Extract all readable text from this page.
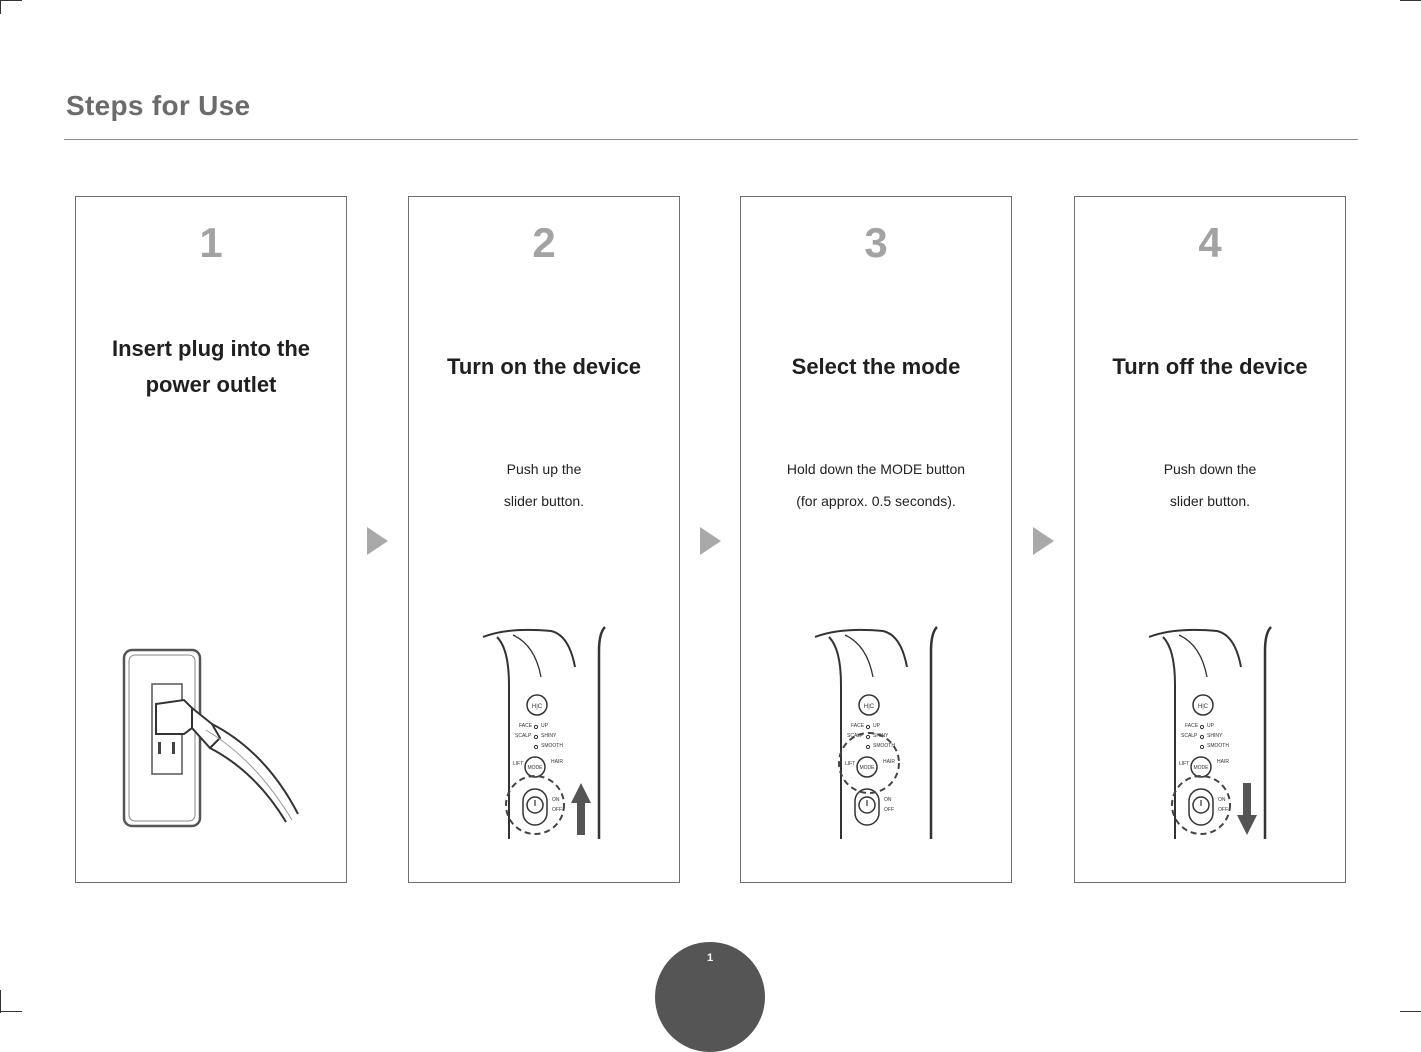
Steps for Use
1
Insert plug into the
power outlet
2
Turn on the device
Push up the
slider button.
H|C
FACE
SCALP
UP
SHINY
SMOOTH
MODE
LIFT	HAIR
ON
OFF
3
Select the mode
Hold down the MODE button
(for approx. 0.5 seconds).
H|C
FACE
SCALP
UP
SHINY
SMOOTH
MODE
LIFT	HAIR
ON
OFF
4
Turn off the device
Push down the
slider button.
H|C
FACE
SCALP
UP
SHINY
SMOOTH
MODE
LIFT	HAIR
ON
OFF
1
